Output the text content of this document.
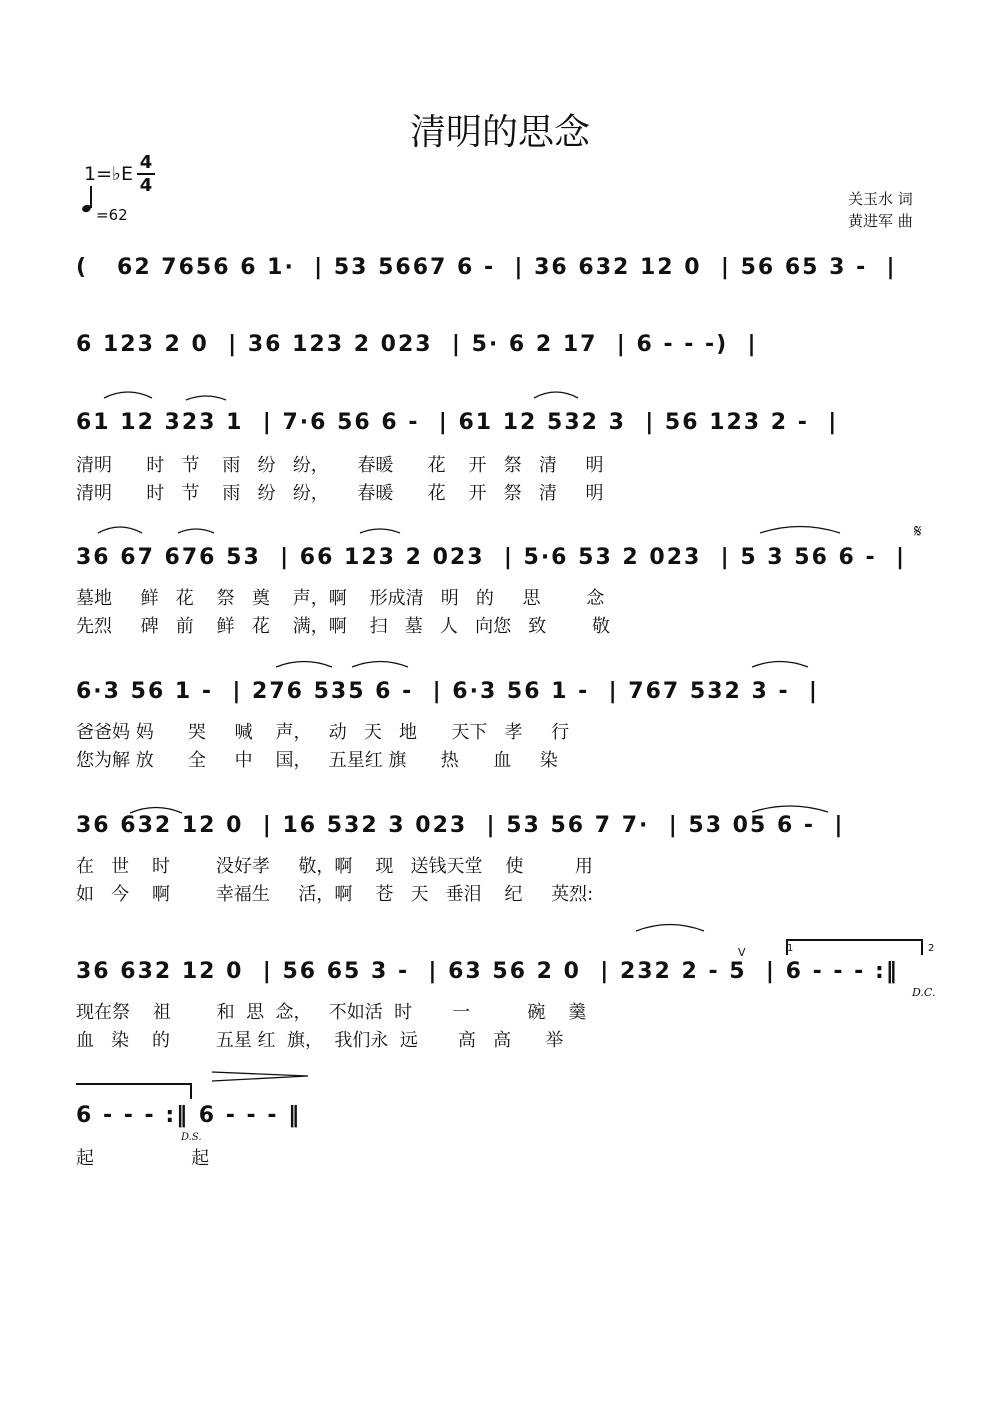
清明的思念
1=♭E
4
4
=62
关玉水 词
黄进军 曲
(   62 7656 6 1·  | 53 5667 6 -  | 36 632 12 0  | 56 65 3 -  |
6 123 2 0  | 36 123 2 023  | 5· 6 2 17  | 6 - - -)  |
61 12 323 1  | 7·6 56 6 -  | 61 12 532 3  | 56 123 2 -  |
清明      时   节    雨   纷   纷，     春暖      花    开   祭   清     明
清明      时   节    雨   纷   纷，     春暖      花    开   祭   清     明
36 67 676 53  | 66 123 2 023  | 5·6 53 2 023  | 5 3 56 6 -  |
墓地     鲜   花    祭   奠    声，啊    形成清   明   的     思        念
先烈     碑   前    鲜   花    满，啊    扫   墓   人   向您   致        敬
𝄋
6·3 56 1 -  | 276 535 6 -  | 6·3 56 1 -  | 767 532 3 -  |
爸爸妈 妈      哭     喊    声，   动   天   地      天下   孝     行
您为解 放      全     中    国，   五星红 旗      热      血     染
36 632 12 0  | 16 532 3 023  | 53 56 7 7·  | 53 05 6 -  |
在   世    时        没好孝     敬，啊    现   送钱天堂    使         用
如   今    啊        幸福生     活，啊    苍   天   垂泪    纪     英烈:
36 632 12 0  | 56 65 3 -  | 63 56 2 0  | 232 2 - 5  | 6 - - - :‖
现在祭    祖        和  思  念，   不如活  时       一          碗    羹
血   染    的        五星 红  旗，  我们永  远       高   高      举
V
D.C.
1	2
6 - - - :‖ 6 - - - ‖
起                 起
D.S.
